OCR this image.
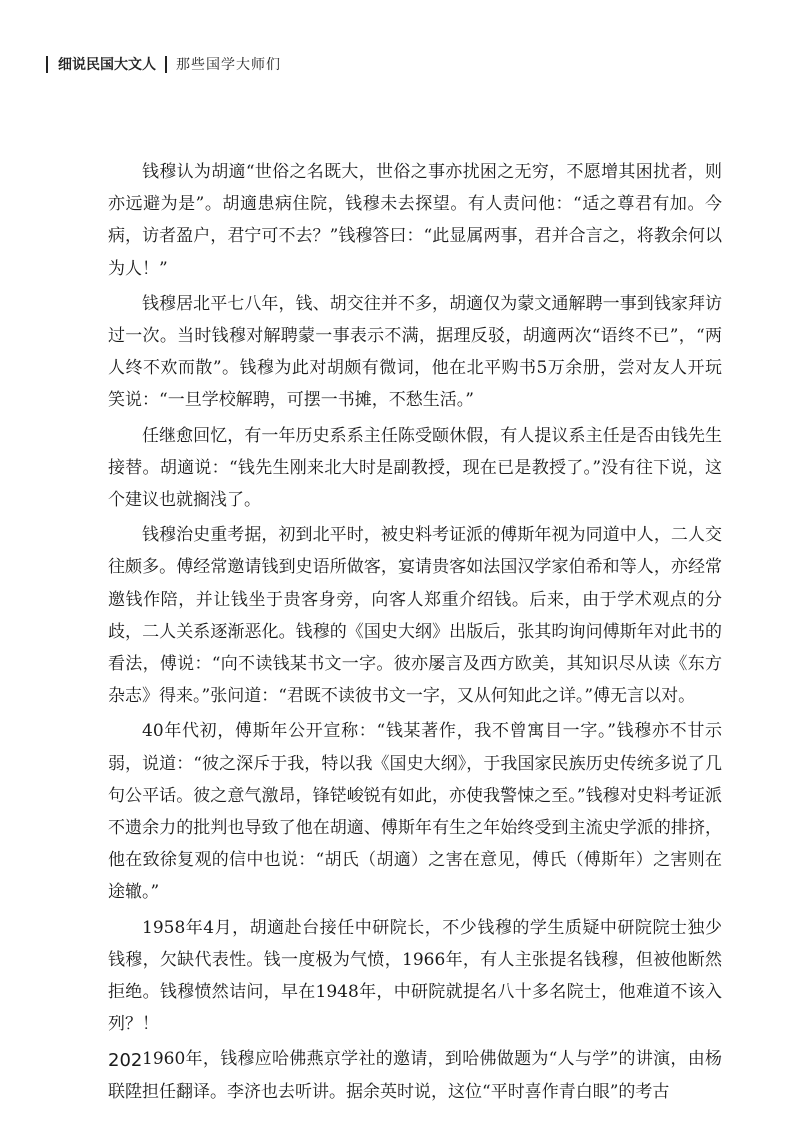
细说民国大文人 那些国学大师们

钱穆认为胡適“世俗之名既大，世俗之事亦扰困之无穷，不愿增其困扰者，则亦远避为是”。胡適患病住院，钱穆未去探望。有人责问他：“适之尊君有加。今病，访者盈户，君宁可不去？”钱穆答曰：“此显属两事，君并合言之，将教余何以为人！”

钱穆居北平七八年，钱、胡交往并不多，胡適仅为蒙文通解聘一事到钱家拜访过一次。当时钱穆对解聘蒙一事表示不满，据理反驳，胡適两次“语终不已”，“两人终不欢而散”。钱穆为此对胡颇有微词，他在北平购书5万余册，尝对友人开玩笑说：“一旦学校解聘，可摆一书摊，不愁生活。”

任继愈回忆，有一年历史系系主任陈受颐休假，有人提议系主任是否由钱先生接替。胡適说：“钱先生刚来北大时是副教授，现在已是教授了。”没有往下说，这个建议也就搁浅了。

钱穆治史重考据，初到北平时，被史料考证派的傅斯年视为同道中人，二人交往颇多。傅经常邀请钱到史语所做客，宴请贵客如法国汉学家伯希和等人，亦经常邀钱作陪，并让钱坐于贵客身旁，向客人郑重介绍钱。后来，由于学术观点的分歧，二人关系逐渐恶化。钱穆的《国史大纲》出版后，张其昀询问傅斯年对此书的看法，傅说：“向不读钱某书文一字。彼亦屡言及西方欧美，其知识尽从读《东方杂志》得来。”张问道：“君既不读彼书文一字，又从何知此之详。”傅无言以对。

40年代初，傅斯年公开宣称：“钱某著作，我不曾寓目一字。”钱穆亦不甘示弱，说道：“彼之深斥于我，特以我《国史大纲》，于我国家民族历史传统多说了几句公平话。彼之意气激昂，锋铓峻锐有如此，亦使我警悚之至。”钱穆对史料考证派不遗余力的批判也导致了他在胡適、傅斯年有生之年始终受到主流史学派的排挤，他在致徐复观的信中也说：“胡氏（胡適）之害在意见，傅氏（傅斯年）之害则在途辙。”

1958年4月，胡適赴台接任中研院长，不少钱穆的学生质疑中研院院士独少钱穆，欠缺代表性。钱一度极为气愤，1966年，有人主张提名钱穆，但被他断然拒绝。钱穆愤然诘问，早在1948年，中研院就提名八十多名院士，他难道不该入列？！

1960年，钱穆应哈佛燕京学社的邀请，到哈佛做题为“人与学”的讲演，由杨联陞担任翻译。李济也去听讲。据余英时说，这位“平时喜作青白眼”的考古

202
